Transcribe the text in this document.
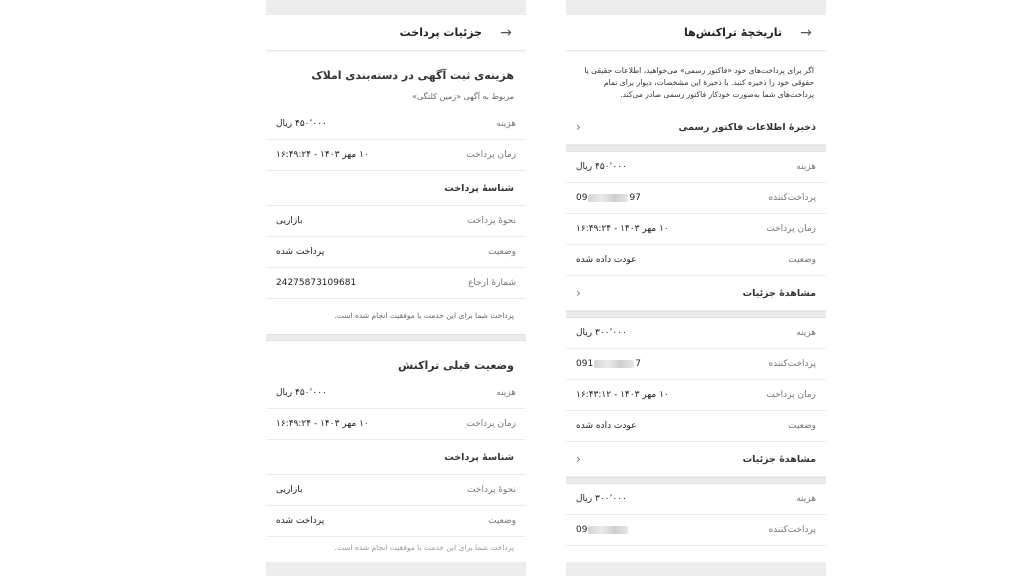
→
جزئیات پرداخت
هزینه‌ی ثبت آگهی در دسته‌بندی املاک
مربوط به آگهی «زمین کلنگی»
هزینه
۴۵۰٬۰۰۰ ریال
زمان پرداخت
۱۰ مهر ۱۴۰۳ - ۱۶:۴۹:۲۴
شناسهٔ پرداخت
نحوهٔ پرداخت
بازاریی
وضعیت
پرداخت شده
شمارهٔ ارجاع
24275873109681
پرداخت شما برای این خدمت با موفقیت انجام شده است.
وضعیت قبلی تراکنش
هزینه
۴۵۰٬۰۰۰ ریال
زمان پرداخت
۱۰ مهر ۱۴۰۳ - ۱۶:۴۹:۲۴
شناسهٔ پرداخت
نحوهٔ پرداخت
بازاریی
وضعیت
پرداخت شده
پرداخت شما برای این خدمت با موفقیت انجام شده است.
→
تاریخچهٔ تراکنش‌ها
اگر برای پرداخت‌های خود «فاکتور رسمی» می‌خواهید، اطلاعات حقیقی یا حقوقی خود را ذخیره کنید. با ذخیرهٔ این مشخصات، دیوار برای تمام پرداخت‌های شما به‌صورت خودکار فاکتور رسمی صادر می‌کند.
ذخیرهٔ اطلاعات فاکتور رسمی
‹
هزینه
۴۵۰٬۰۰۰ ریال
پرداخت‌کننده
09	97
زمان پرداخت
۱۰ مهر ۱۴۰۳ - ۱۶:۴۹:۲۴
وضعیت
عودت داده شده
مشاهدهٔ جزئیات
‹
هزینه
۳۰۰٬۰۰۰ ریال
پرداخت‌کننده
091	7
زمان پرداخت
۱۰ مهر ۱۴۰۳ - ۱۶:۴۳:۱۲
وضعیت
عودت داده شده
مشاهدهٔ جزئیات
‹
هزینه
۳۰۰٬۰۰۰ ریال
پرداخت‌کننده
09
